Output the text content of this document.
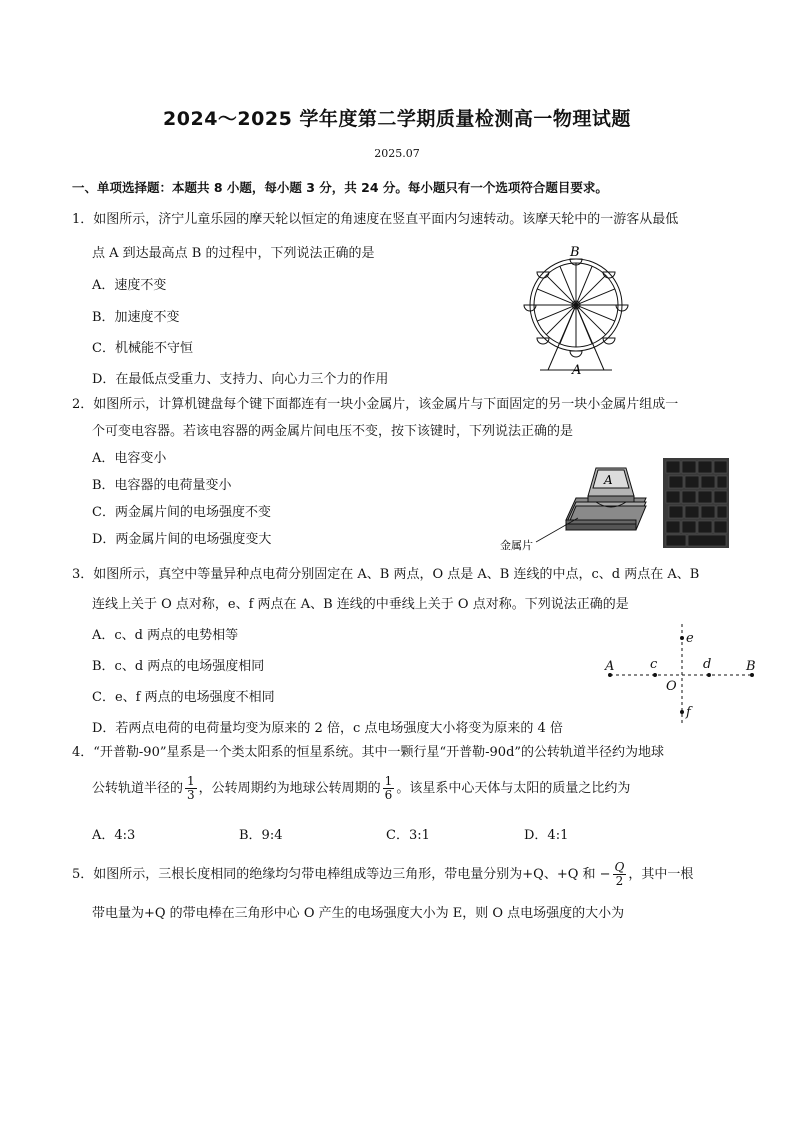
2024～2025 学年度第二学期质量检测高一物理试题
2025.07
一、单项选择题：本题共 8 小题，每小题 3 分，共 24 分。每小题只有一个选项符合题目要求。
1．如图所示，济宁儿童乐园的摩天轮以恒定的角速度在竖直平面内匀速转动。该摩天轮中的一游客从最低
点 A 到达最高点 B 的过程中，下列说法正确的是
A．速度不变
B．加速度不变
C．机械能不守恒
D．在最低点受重力、支持力、向心力三个力的作用
B
A
2．如图所示，计算机键盘每个键下面都连有一块小金属片，该金属片与下面固定的另一块小金属片组成一
个可变电容器。若该电容器的两金属片间电压不变，按下该键时，下列说法正确的是
A．电容变小
B．电容器的电荷量变小
C．两金属片间的电场强度不变
D．两金属片间的电场强度变大
A
金属片
3．如图所示，真空中等量异种点电荷分别固定在 A、B 两点，O 点是 A、B 连线的中点，c、d 两点在 A、B
连线上关于 O 点对称，e、f 两点在 A、B 连线的中垂线上关于 O 点对称。下列说法正确的是
A．c、d 两点的电势相等
B．c、d 两点的电场强度相同
C．e、f 两点的电场强度不相同
D．若两点电荷的电荷量均变为原来的 2 倍，c 点电场强度大小将变为原来的 4 倍
A	B
O
c	d
e
f
4．“开普勒-90”星系是一个类太阳系的恒星系统。其中一颗行星“开普勒-90d”的公转轨道半径约为地球
公转轨道半径的 $\frac{1}{3}$ ，公转周期约为地球公转周期的 $\frac{1}{6}$ 。该星系中心天体与太阳的质量之比约为
A．4:3	B．9:4	C．3:1	D．4:1
5．如图所示，三根长度相同的绝缘均匀带电棒组成等边三角形，带电量分别为+Q、+Q 和 − $\frac{Q}{2}$ ，其中一根
带电量为+Q 的带电棒在三角形中心 O 产生的电场强度大小为 E，则 O 点电场强度的大小为
